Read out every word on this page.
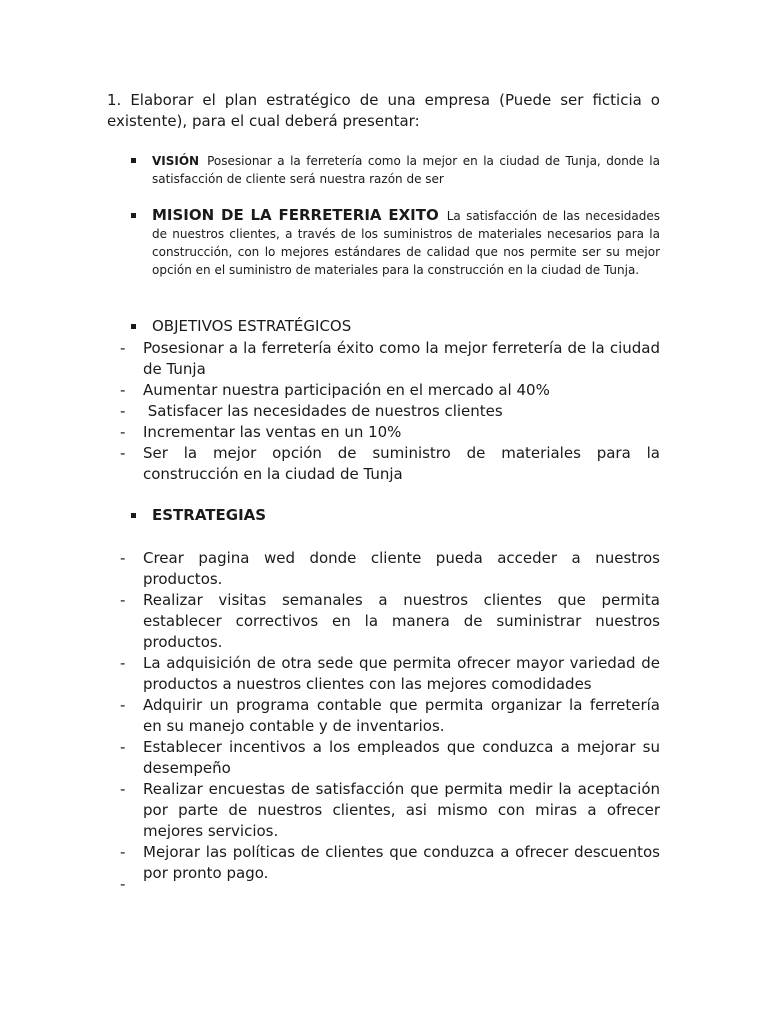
1. Elaborar el plan estratégico de una empresa (Puede ser ficticia o existente), para el cual deberá presentar:

VISIÓN Posesionar a la ferretería como la mejor en la ciudad de Tunja, donde la satisfacción de cliente será nuestra razón de ser

MISION DE LA FERRETERIA EXITO La satisfacción de las necesidades de nuestros clientes, a través de los suministros de materiales necesarios para la construcción, con lo mejores estándares de calidad que nos permite ser su mejor opción en el suministro de materiales para la construcción en la ciudad de Tunja.

OBJETIVOS ESTRATÉGICOS

- Posesionar a la ferretería éxito como la mejor ferretería de la ciudad de Tunja
- Aumentar nuestra participación en el mercado al 40%
- Satisfacer las necesidades de nuestros clientes
- Incrementar las ventas en un 10%
- Ser la mejor opción de suministro de materiales para la construcción en la ciudad de Tunja

ESTRATEGIAS

- Crear pagina wed donde cliente pueda acceder a nuestros productos.
- Realizar visitas semanales a nuestros clientes que permita establecer correctivos en la manera de suministrar nuestros productos.
- La adquisición de otra sede que permita ofrecer mayor variedad de productos a nuestros clientes con las mejores comodidades
- Adquirir un programa contable que permita organizar la ferretería en su manejo contable y de inventarios.
- Establecer incentivos a los empleados que conduzca a mejorar su desempeño
- Realizar encuestas de satisfacción que permita medir la aceptación por parte de nuestros clientes, asi mismo con miras a ofrecer mejores servicios.
- Mejorar las políticas de clientes que conduzca a ofrecer descuentos por pronto pago.
-
